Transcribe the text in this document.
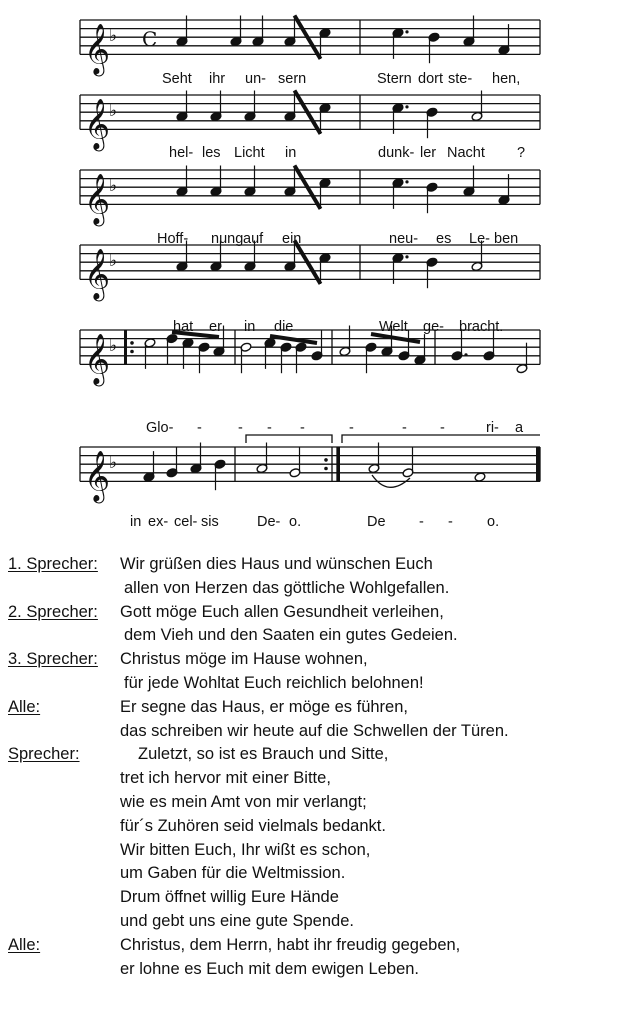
𝄞
♭ C
𝄞
♭
𝄞
♭
𝄞
♭
𝄞
♭
𝄞
♭
Seht ihr un- sern	Stern dort ste- hen,
hel- les Licht in	dunk- ler Nacht ?
Hoff- nung auf ein	neu- es Le- ben
hat er in die	Welt ge- bracht.
Glo- - - - -	-	- -	ri- a
in ex- cel- sis	De- o.	De - - o.
1. Sprecher: Wir grüßen dies Haus und wünschen Euch
allen von Herzen das göttliche Wohlgefallen.
2. Sprecher: Gott möge Euch allen Gesundheit verleihen,
dem Vieh und den Saaten ein gutes Gedeien.
3. Sprecher: Christus möge im Hause wohnen,
für jede Wohltat Euch reichlich belohnen!
Alle:	Er segne das Haus, er möge es führen,
das schreiben wir heute auf die Schwellen der Türen.
Sprecher:	Zuletzt, so ist es Brauch und Sitte,
tret ich hervor mit einer Bitte,
wie es mein Amt von mir verlangt;
für´s Zuhören seid vielmals bedankt.
Wir bitten Euch, Ihr wißt es schon,
um Gaben für die Weltmission.
Drum öffnet willig Eure Hände
und gebt uns eine gute Spende.
Alle:	Christus, dem Herrn, habt ihr freudig gegeben,
er lohne es Euch mit dem ewigen Leben.
